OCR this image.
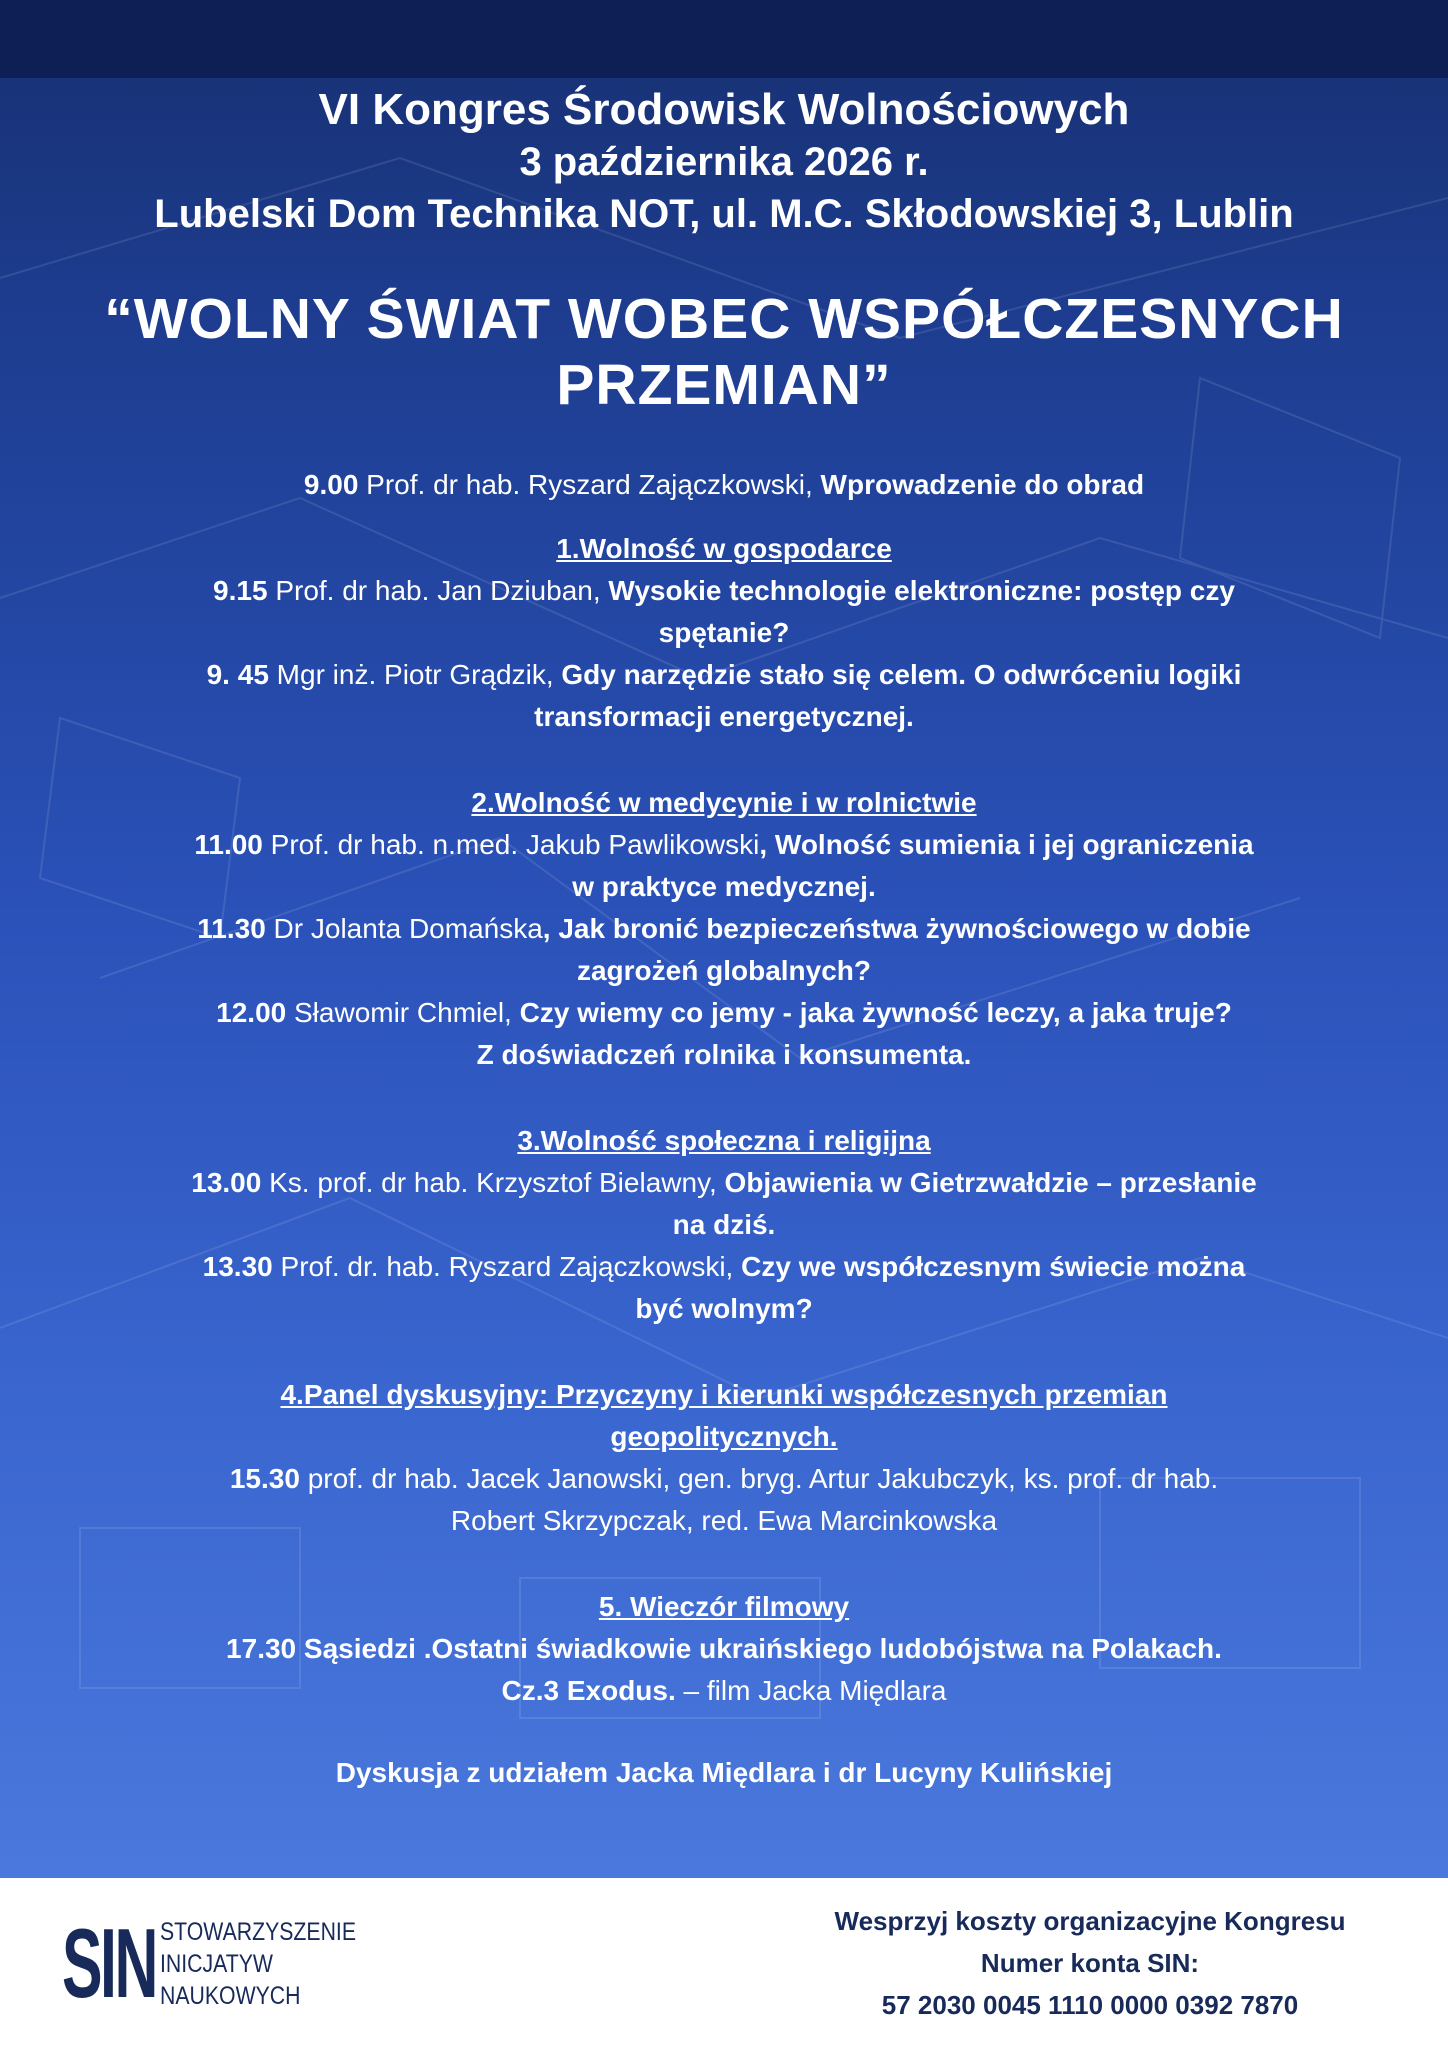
VI Kongres Środowisk Wolnościowych
3 października 2026 r.
Lubelski Dom Technika NOT, ul. M.C. Skłodowskiej 3, Lublin
“WOLNY ŚWIAT WOBEC WSPÓŁCZESNYCH
PRZEMIAN”
9.00 Prof. dr hab. Ryszard Zajączkowski, Wprowadzenie do obrad
1.Wolność w gospodarce
9.15 Prof. dr hab. Jan Dziuban, Wysokie technologie elektroniczne: postęp czy
spętanie?
9. 45 Mgr inż. Piotr Grądzik, Gdy narzędzie stało się celem. O odwróceniu logiki
transformacji energetycznej.
2.Wolność w medycynie i w rolnictwie
11.00 Prof. dr hab. n.med. Jakub Pawlikowski, Wolność sumienia i jej ograniczenia
w praktyce medycznej.
11.30 Dr Jolanta Domańska, Jak bronić bezpieczeństwa żywnościowego w dobie
zagrożeń globalnych?
12.00 Sławomir Chmiel, Czy wiemy co jemy - jaka żywność leczy, a jaka truje?
Z doświadczeń rolnika i konsumenta.
3.Wolność społeczna i religijna
13.00 Ks. prof. dr hab. Krzysztof Bielawny, Objawienia w Gietrzwałdzie – przesłanie
na dziś.
13.30 Prof. dr. hab. Ryszard Zajączkowski, Czy we współczesnym świecie można
być wolnym?
4.Panel dyskusyjny: Przyczyny i kierunki współczesnych przemian
geopolitycznych.
15.30 prof. dr hab. Jacek Janowski, gen. bryg. Artur Jakubczyk, ks. prof. dr hab.
Robert Skrzypczak, red. Ewa Marcinkowska
5. Wieczór filmowy
17.30 Sąsiedzi .Ostatni świadkowie ukraińskiego ludobójstwa na Polakach.
Cz.3 Exodus. – film Jacka Międlara
Dyskusja z udziałem Jacka Międlara i dr Lucyny Kulińskiej
SIN STOWARZYSZENIE
INICJATYW
NAUKOWYCH
Wesprzyj koszty organizacyjne Kongresu
Numer konta SIN:
57 2030 0045 1110 0000 0392 7870
